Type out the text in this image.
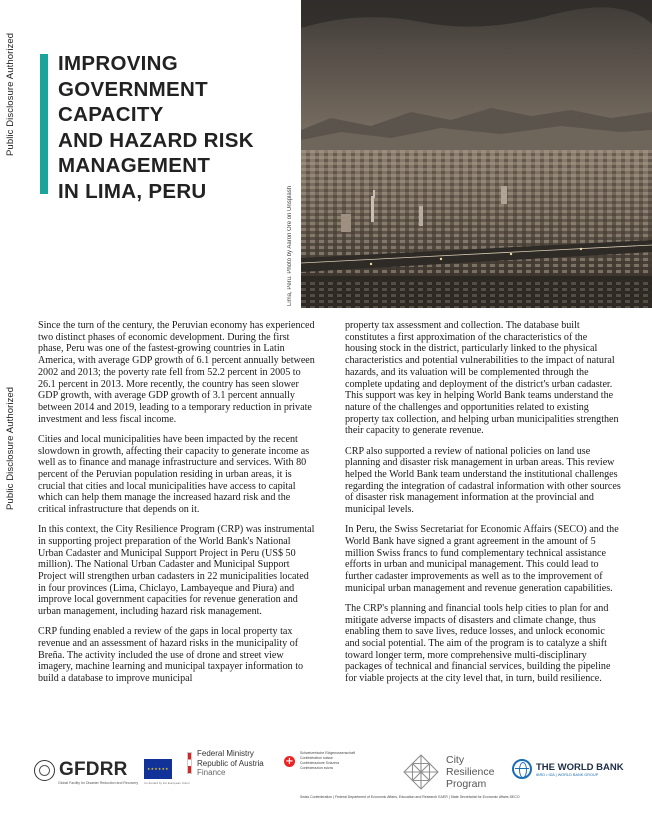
Public Disclosure Authorized
Public Disclosure Authorized
IMPROVING
GOVERNMENT
CAPACITY
AND HAZARD RISK
MANAGEMENT
IN LIMA, PERU	Lima, Peru. Photo by Aaron Ore on Unsplash

Since the turn of the century, the Peruvian economy has experienced two distinct phases of economic development. During the first phase, Peru was one of the fastest-growing countries in Latin America, with average GDP growth of 6.1 percent annually between 2002 and 2013; the poverty rate fell from 52.2 percent in 2005 to 26.1 percent in 2013. More recently, the country has seen slower GDP growth, with average GDP growth of 3.1 percent annually between 2014 and 2019, leading to a temporary reduction in private investment and less fiscal income.

Cities and local municipalities have been impacted by the recent slowdown in growth, affecting their capacity to generate income as well as to finance and manage infrastructure and services. With 80 percent of the Peruvian population residing in urban areas, it is crucial that cities and local municipalities have access to capital which can help them manage the increased hazard risk and the critical infrastructure that depends on it.

In this context, the City Resilience Program (CRP) was instrumental in supporting project preparation of the World Bank's National Urban Cadaster and Municipal Support Project in Peru (US$ 50 million). The National Urban Cadaster and Municipal Support Project will strengthen urban cadasters in 22 municipalities located in four provinces (Lima, Chiclayo, Lambayeque and Piura) and improve local government capacities for revenue generation and urban management, including hazard risk management.

CRP funding enabled a review of the gaps in local property tax revenue and an assessment of hazard risks in the municipality of Breña. The activity included the use of drone and street view imagery, machine learning and municipal taxpayer information to build a database to improve municipal

property tax assessment and collection. The database built constitutes a first approximation of the characteristics of the housing stock in the district, particularly linked to the physical characteristics and potential vulnerabilities to the impact of natural hazards, and its valuation will be complemented through the complete updating and deployment of the district's urban cadaster. This support was key in helping World Bank teams understand the nature of the challenges and opportunities related to existing property tax collection, and helping urban municipalities strengthen their capacity to generate revenue.

CRP also supported a review of national policies on land use planning and disaster risk management in urban areas. This review helped the World Bank team understand the institutional challenges regarding the integration of cadastral information with other sources of disaster risk management information at the provincial and municipal levels.

In Peru, the Swiss Secretariat for Economic Affairs (SECO) and the World Bank have signed a grant agreement in the amount of 5 million Swiss francs to fund complementary technical assistance efforts in urban and municipal management. This could lead to further cadaster improvements as well as to the improvement of municipal urban management and revenue generation capabilities.

The CRP's planning and financial tools help cities to plan for and mitigate adverse impacts of disasters and climate change, thus enabling them to save lives, reduce losses, and unlock economic and social potential. The aim of the program is to catalyze a shift toward longer term, more comprehensive multi-disciplinary packages of technical and financial services, building the pipeline for viable projects at the city level that, in turn, build resilience.

GFDRR
Global Facility for Disaster Reduction and Recovery
★★★★★★
Co-funded by the European Union
Federal Ministry
Republic of Austria
Finance
+
Schweizerische Eidgenossenschaft
Confédération suisse
Confederazione Svizzera
Confederaziun svizra
Swiss Confederation | Federal Department of Economic Affairs, Education and Research EAER | State Secretariat for Economic Affairs SECO
City
Resilience
Program
THE WORLD BANK
IBRD • IDA | WORLD BANK GROUP
